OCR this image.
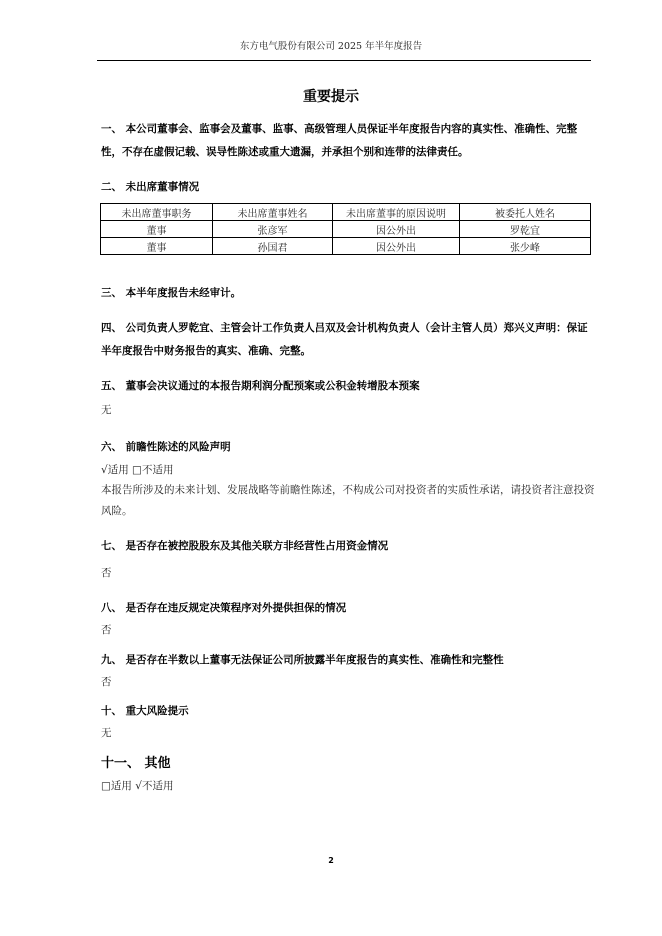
东方电气股份有限公司 2025 年半年度报告
重要提示
一、 本公司董事会、监事会及董事、监事、高级管理人员保证半年度报告内容的真实性、准确性、完整性，不存在虚假记载、误导性陈述或重大遗漏，并承担个别和连带的法律责任。
二、 未出席董事情况
未出席董事职务	未出席董事姓名	未出席董事的原因说明	被委托人姓名
董事	张彦军	因公外出	罗乾宜
董事	孙国君	因公外出	张少峰
三、 本半年度报告未经审计。
四、 公司负责人罗乾宜、主管会计工作负责人吕双及会计机构负责人（会计主管人员）郑兴义声明：保证半年度报告中财务报告的真实、准确、完整。
五、 董事会决议通过的本报告期利润分配预案或公积金转增股本预案
无
六、 前瞻性陈述的风险声明
√适用 □不适用
本报告所涉及的未来计划、发展战略等前瞻性陈述，不构成公司对投资者的实质性承诺，请投资者注意投资风险。
七、 是否存在被控股股东及其他关联方非经营性占用资金情况
否
八、 是否存在违反规定决策程序对外提供担保的情况
否
九、 是否存在半数以上董事无法保证公司所披露半年度报告的真实性、准确性和完整性
否
十、 重大风险提示
无
十一、 其他
□适用 √不适用
2
